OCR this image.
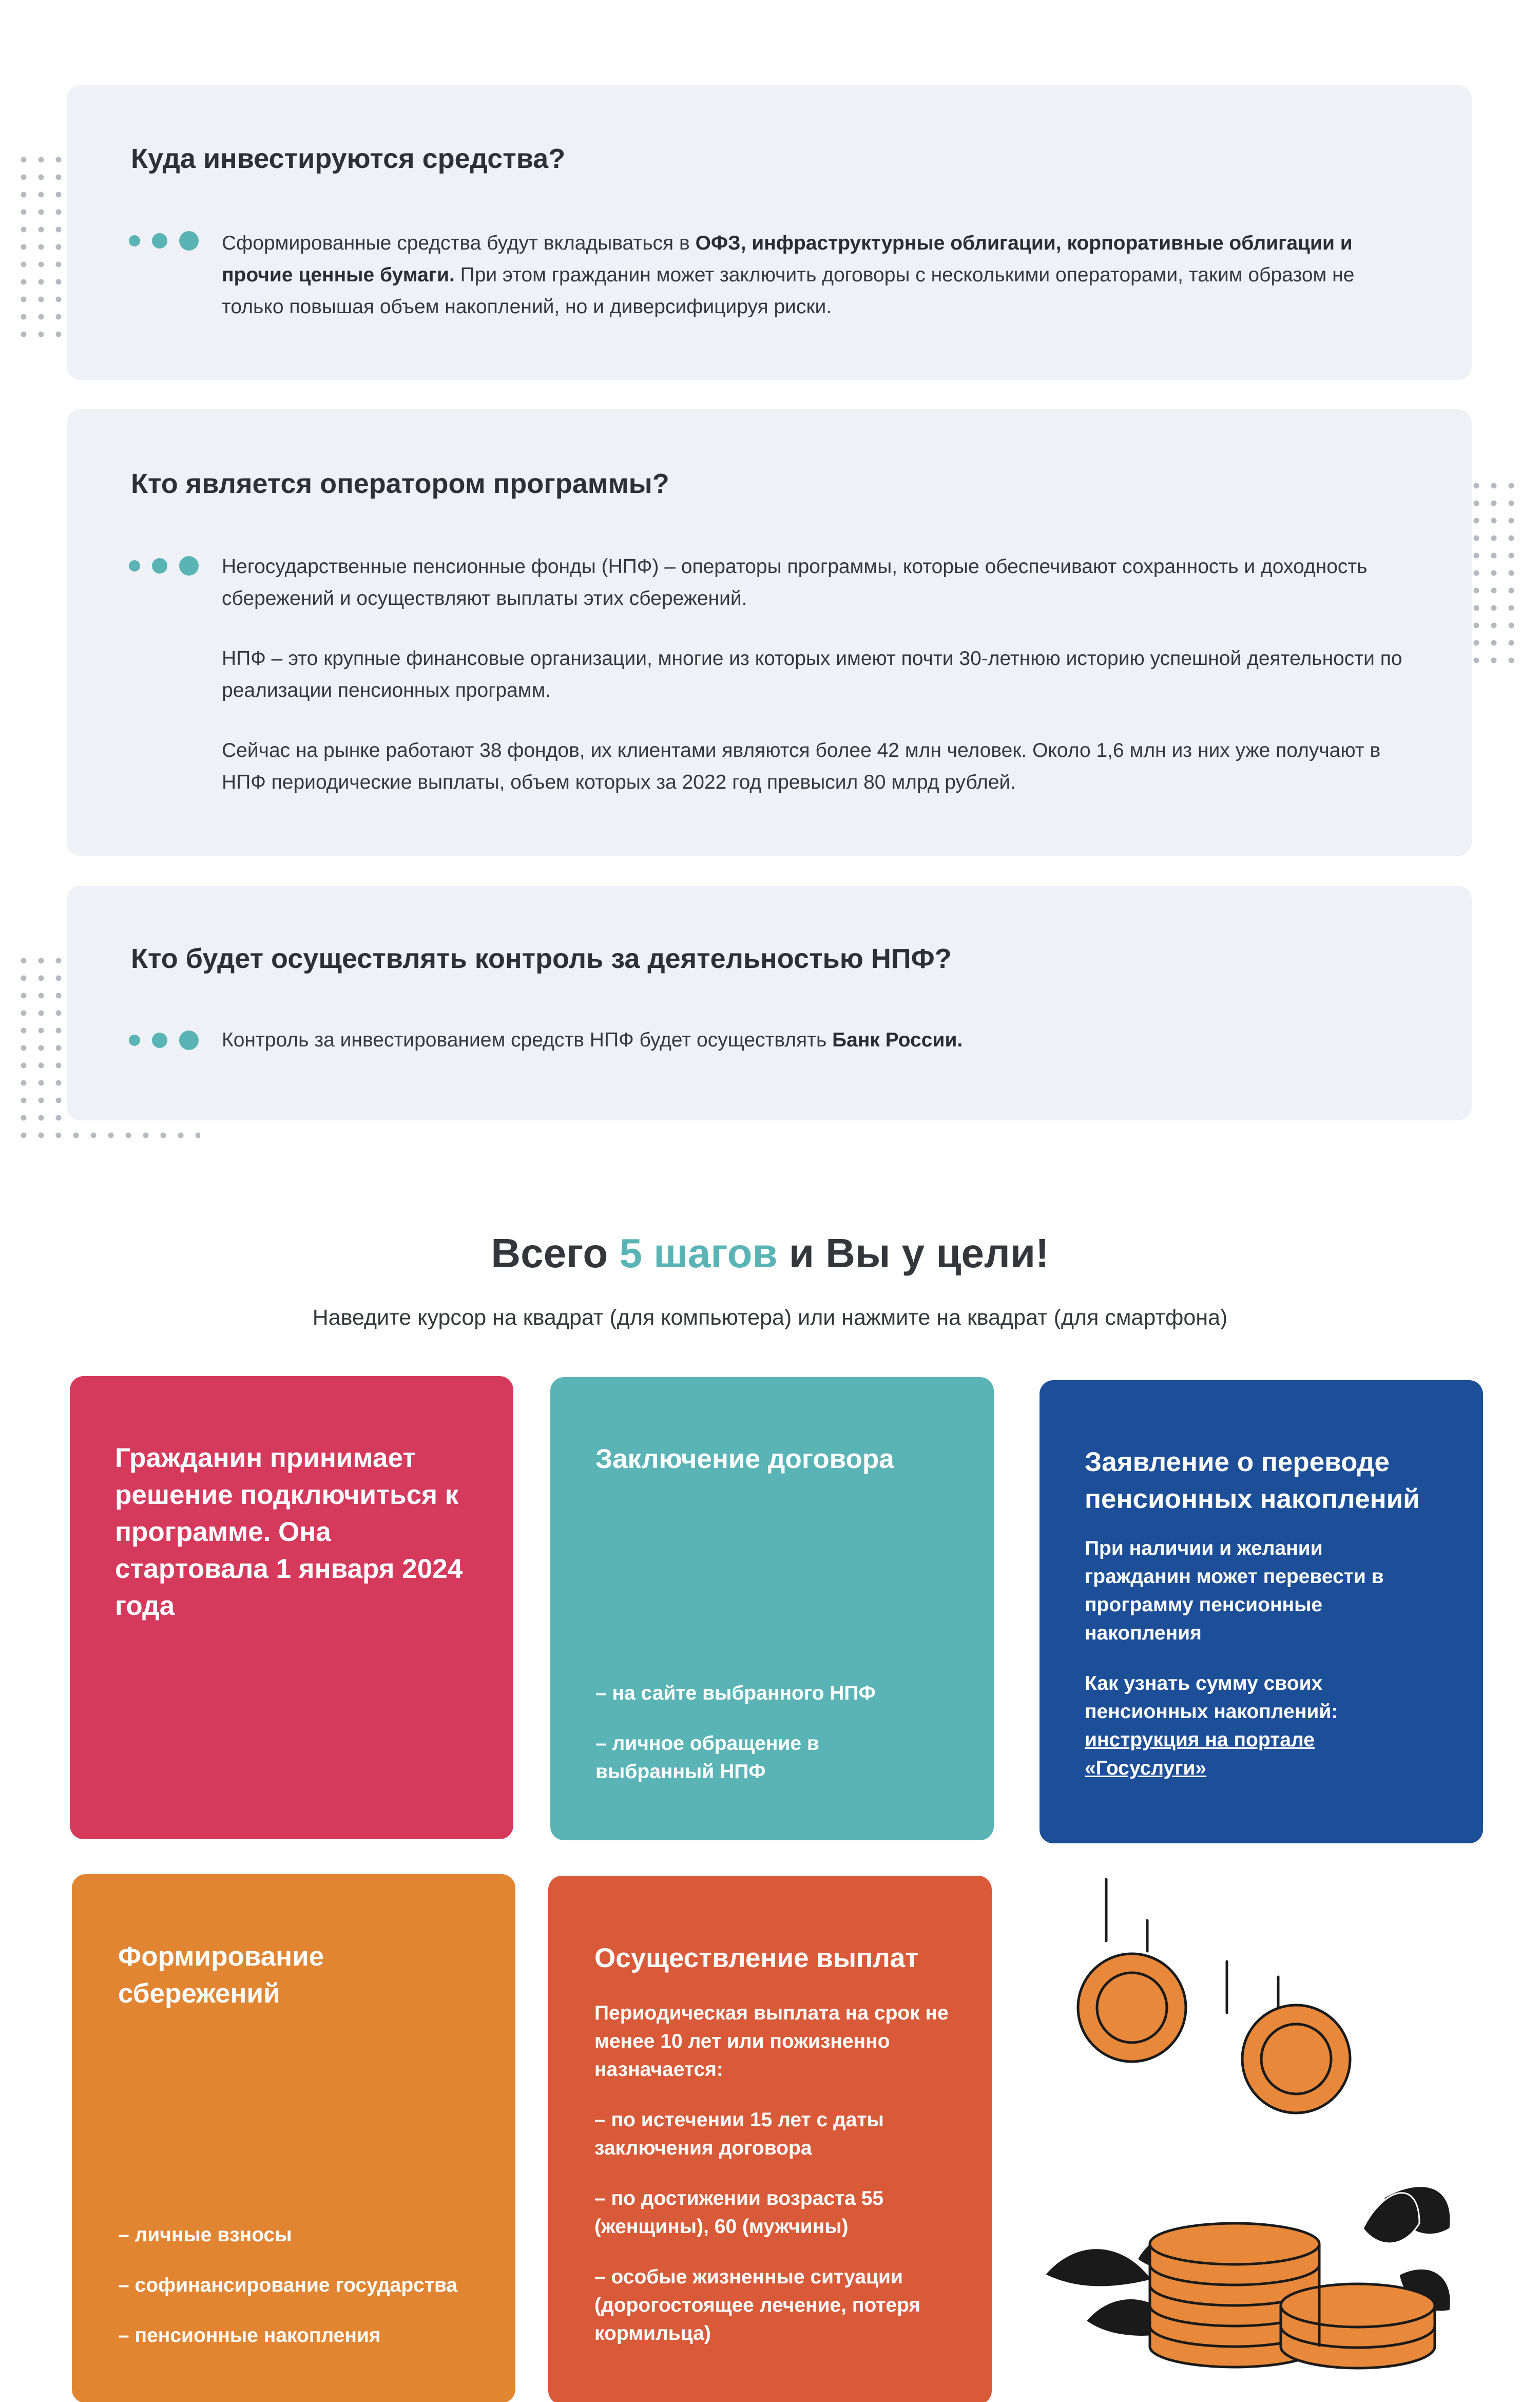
Куда инвестируются средства?

Сформированные средства будут вкладываться в ОФЗ, инфраструктурные облигации, корпоративные облигации и прочие ценные бумаги. При этом гражданин может заключить договоры с несколькими операторами, таким образом не только повышая объем накоплений, но и диверсифицируя риски.

Кто является оператором программы?

Негосударственные пенсионные фонды (НПФ) – операторы программы, которые обеспечивают сохранность и доходность сбережений и осуществляют выплаты этих сбережений.

НПФ – это крупные финансовые организации, многие из которых имеют почти 30-летнюю историю успешной деятельности по реализации пенсионных программ.

Сейчас на рынке работают 38 фондов, их клиентами являются более 42 млн человек. Около 1,6 млн из них уже получают в НПФ периодические выплаты, объем которых за 2022 год превысил 80 млрд рублей.

Кто будет осуществлять контроль за деятельностью НПФ?

Контроль за инвестированием средств НПФ будет осуществлять Банк России.

Всего 5 шагов и Вы у цели!

Наведите курсор на квадрат (для компьютера) или нажмите на квадрат (для смартфона)

Гражданин принимает решение подключиться к программе. Она стартовала 1 января 2024 года
Заключение договора
– на сайте выбранного НПФ
– личное обращение в выбранный НПФ
Заявление о переводе пенсионных накоплений
При наличии и желании гражданин может перевести в программу пенсионные накопления
Как узнать сумму своих пенсионных накоплений:
инструкция на портале «Госуслуги»
Формирование сбережений
– личные взносы
– софинансирование государства
– пенсионные накопления
Осуществление выплат
Периодическая выплата на срок не менее 10 лет или пожизненно назначается:
– по истечении 15 лет с даты заключения договора
– по достижении возраста 55 (женщины), 60 (мужчины)
– особые жизненные ситуации (дорогостоящее лечение, потеря кормильца)
